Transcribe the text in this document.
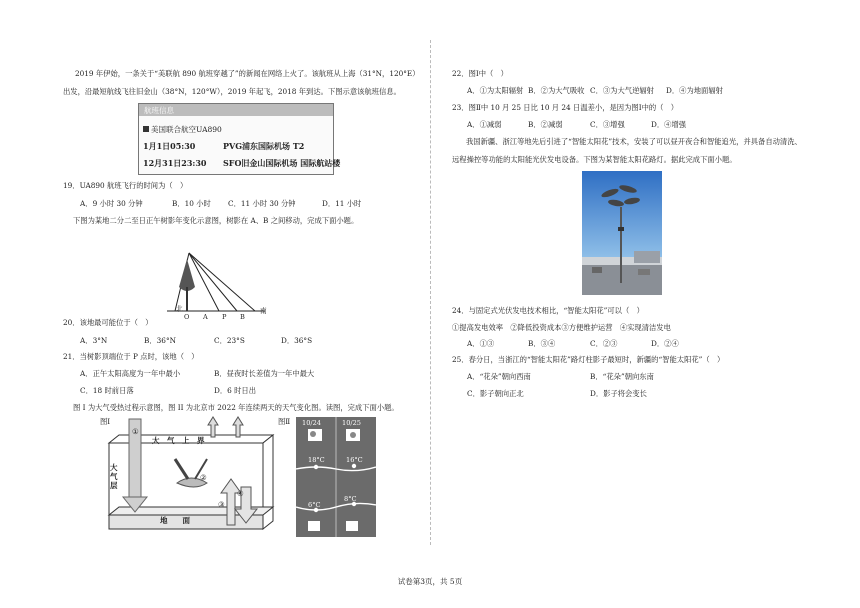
2019 年伊始，一条关于“美联航 890 航班穿越了”的新闻在网络上火了。该航班从上海（31°N，120°E）
出发，沿最短航线飞往旧金山（38°N，120°W），2019 年起飞，2018 年到达。下图示意该航班信息。
航班信息
美国联合航空UA890
1月1日05:30	PVG浦东国际机场 T2
12月31日23:30 SFO旧金山国际机场 国际航站楼
19．UA890 航班飞行的时间为（　）
A．9 小时 30 分钟	B．10 小时 C．11 小时 30 分钟	D．11 小时
下图为某地二分二至日正午树影年变化示意图，树影在 A、B 之间移动，完成下面小题。
北	南
O A P B
20．该地最可能位于（　）
A．3°N	B．36°N	C．23°S	D．36°S
21．当树影顶端位于 P 点时，该地（　）
A．正午太阳高度为一年中最小	B．昼夜时长差值为一年中最大
C．18 时前日落	D．6 时日出
图 I 为大气受热过程示意图，图 II 为北京市 2022 年连续两天的天气变化图。读图，完成下面小题。
图Ⅰ
①
大　气　上　界
大
气
层
②
③
④
地　　面
图Ⅱ 10/24	10/25
18°C	16°C
6°C
8°C
22．图Ⅰ中（　）
A．①为太阳辐射 B．②为大气吸收 C．③为大气逆辐射 D．④为地面辐射
23．图Ⅱ中 10 月 25 日比 10 月 24 日温差小，是因为图Ⅰ中的（　）
A．①减弱	B．②减弱	C．③增强	D．④增强
我国新疆、浙江等地先后引进了“智能太阳花”技术，安装了可以昼开夜合和智能追光，并具备自动清洗、
远程操控等功能的太阳能光伏发电设备。下图为某智能太阳花路灯。据此完成下面小题。
24．与固定式光伏发电技术相比，“智能太阳花”可以（　）
①提高发电效率　②降低投资成本③方便维护运营　④实现清洁发电
A．①③	B．③④	C．②③	D．②④
25．春分日，当浙江的“智能太阳花”路灯柱影子最短时，新疆的“智能太阳花”（　）
A．“花朵”朝向西南	B．“花朵”朝向东南
C．影子朝向正北	D．影子将会变长
试卷第3页，共 5页
